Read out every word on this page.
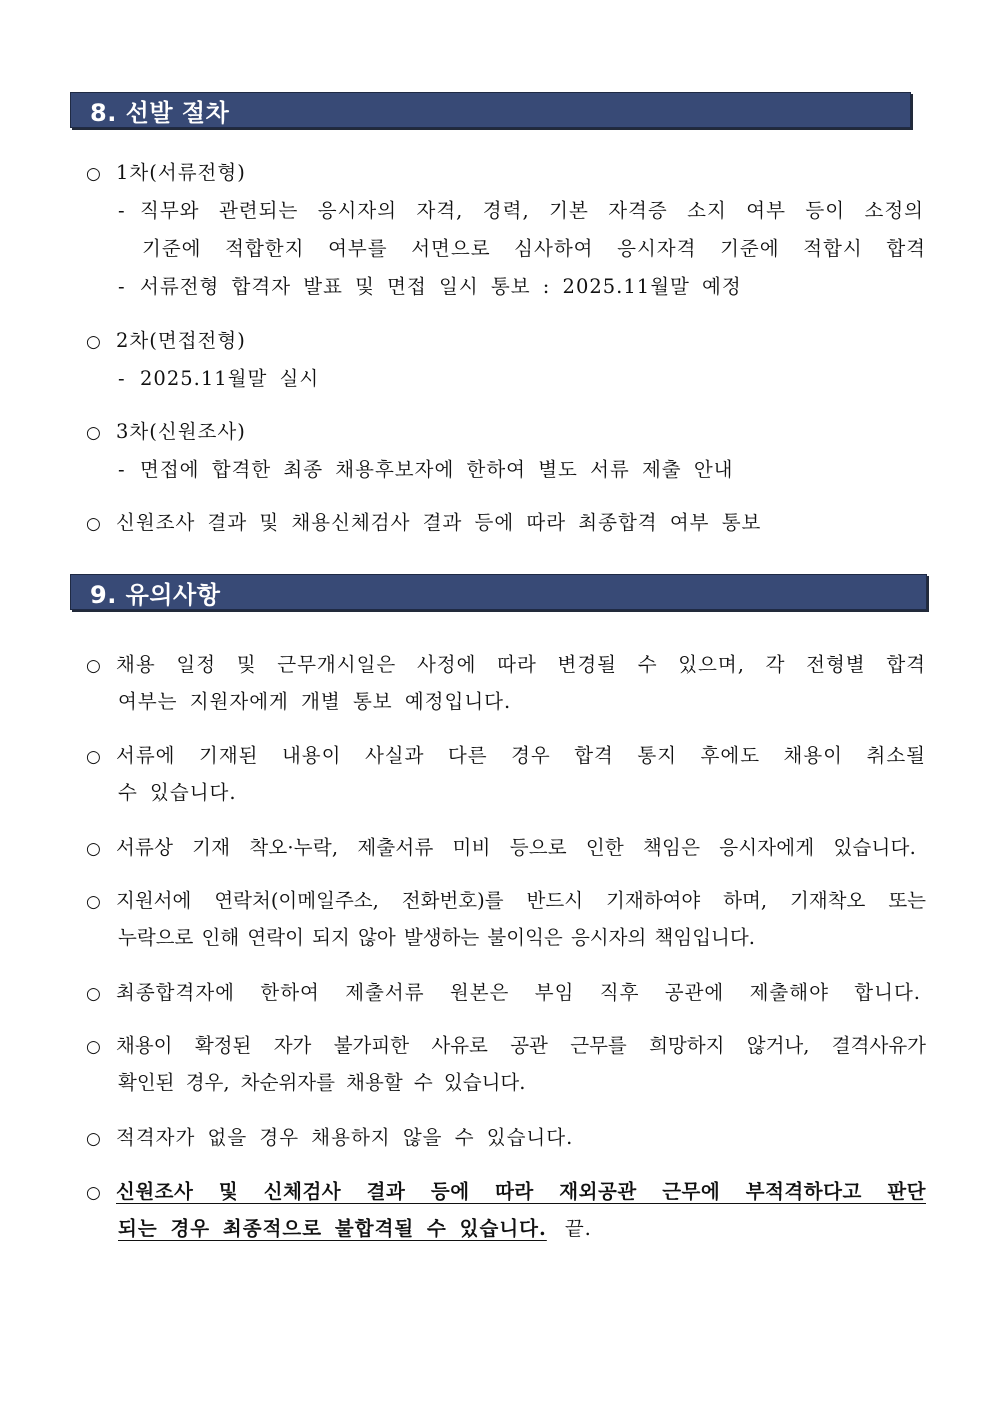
8. 선발 절차
○ 1차(서류전형)
- 직무와 관련되는 응시자의 자격, 경력, 기본 자격증 소지 여부 등이 소정의
기준에 적합한지 여부를 서면으로 심사하여 응시자격 기준에 적합시 합격
- 서류전형 합격자 발표 및 면접 일시 통보 : 2025.11월말 예정
○ 2차(면접전형)
- 2025.11월말 실시
○ 3차(신원조사)
- 면접에 합격한 최종 채용후보자에 한하여 별도 서류 제출 안내
○ 신원조사 결과 및 채용신체검사 결과 등에 따라 최종합격 여부 통보
9. 유의사항
○ 채용 일정 및 근무개시일은 사정에 따라 변경될 수 있으며, 각 전형별 합격
여부는 지원자에게 개별 통보 예정입니다.
○ 서류에 기재된 내용이 사실과 다른 경우 합격 통지 후에도 채용이 취소될
수 있습니다.
○ 서류상 기재 착오·누락, 제출서류 미비 등으로 인한 책임은 응시자에게 있습니다.
○ 지원서에 연락처(이메일주소, 전화번호)를 반드시 기재하여야 하며, 기재착오 또는
누락으로 인해 연락이 되지 않아 발생하는 불이익은 응시자의 책임입니다.
○ 최종합격자에 한하여 제출서류 원본은 부임 직후 공관에 제출해야 합니다.
○ 채용이 확정된 자가 불가피한 사유로 공관 근무를 희망하지 않거나, 결격사유가
확인된 경우, 차순위자를 채용할 수 있습니다.
○ 적격자가 없을 경우 채용하지 않을 수 있습니다.
○ 신원조사 및 신체검사 결과 등에 따라 재외공관 근무에 부적격하다고 판단
되는 경우 최종적으로 불합격될 수 있습니다. 끝.
